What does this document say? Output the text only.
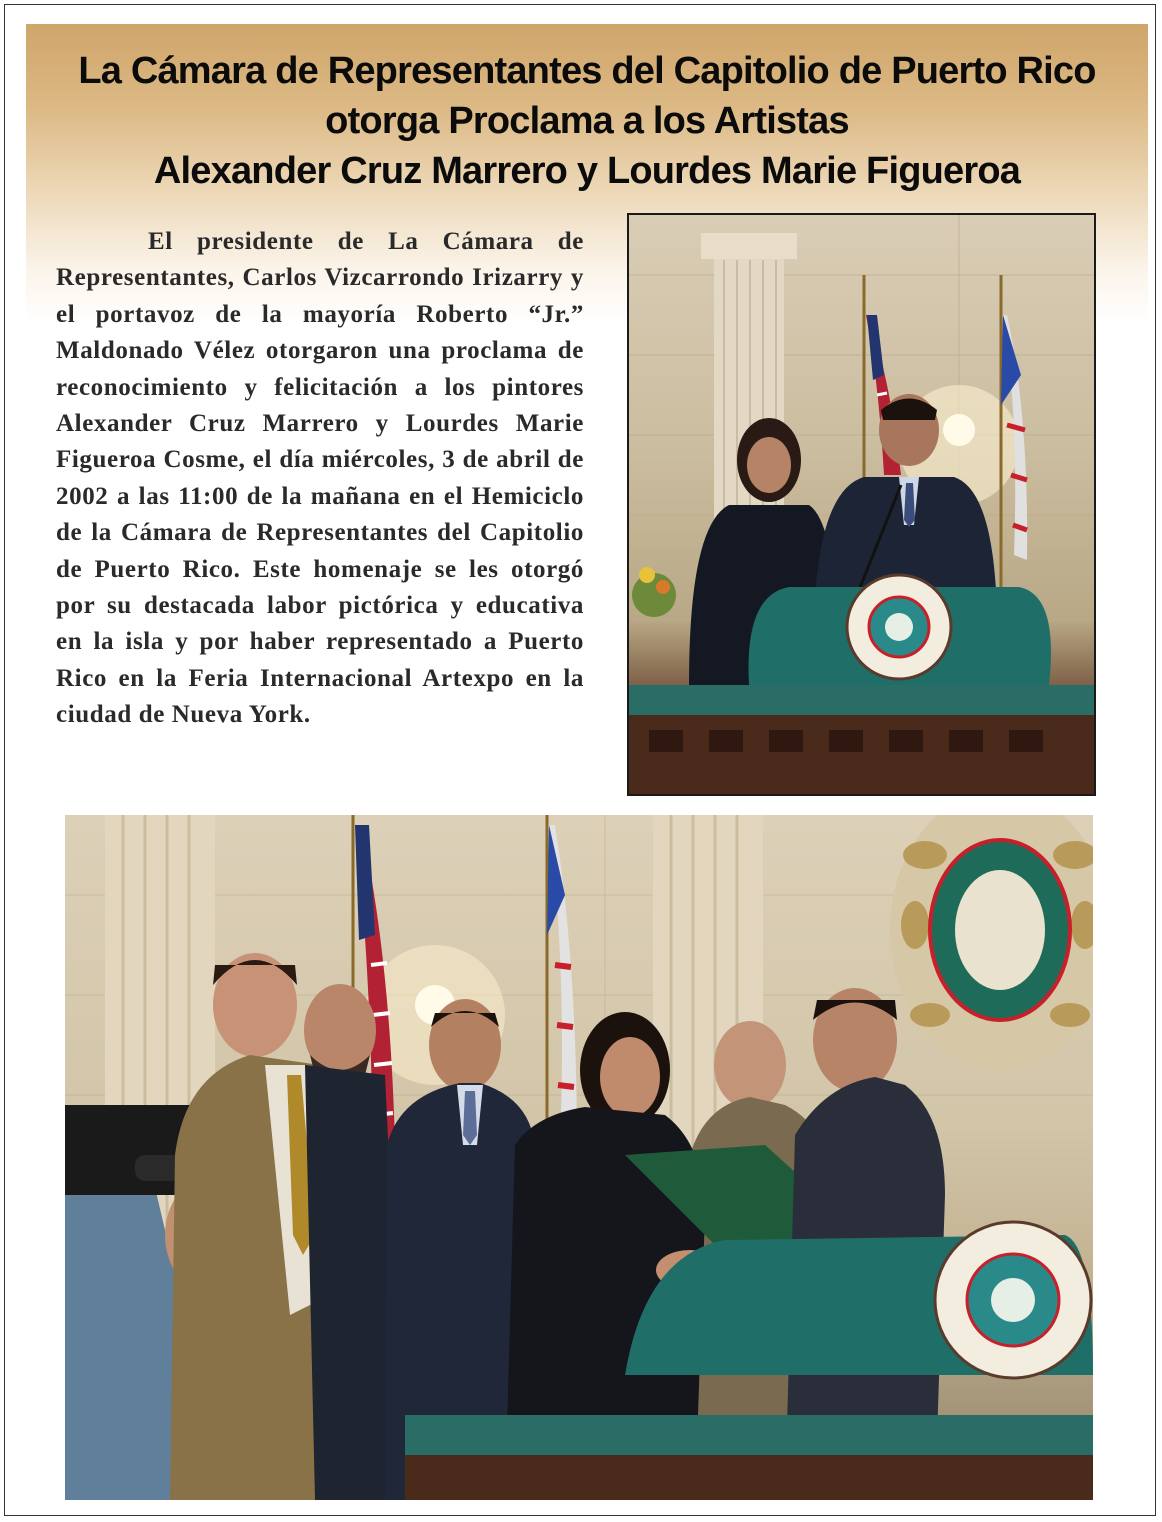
La Cámara de Representantes del Capitolio de Puerto Rico
otorga Proclama a los Artistas
Alexander Cruz Marrero y Lourdes Marie Figueroa
El presidente de La Cámara de Representantes, Carlos Vizcarrondo Irizarry y el portavoz de la mayoría Roberto “Jr.” Maldonado Vélez otorgaron una proclama de reconocimiento y felicitación a los pintores Alexander Cruz Marrero y Lourdes Marie Figueroa Cosme, el día miércoles, 3 de abril de 2002 a las 11:00 de la mañana en el Hemiciclo de la Cámara de Representantes del Capitolio de Puerto Rico. Este homenaje se les otorgó por su destacada labor pictórica y educativa en la isla y por haber representado a Puerto Rico en la Feria Internacional Artexpo en la ciudad de Nueva York.
